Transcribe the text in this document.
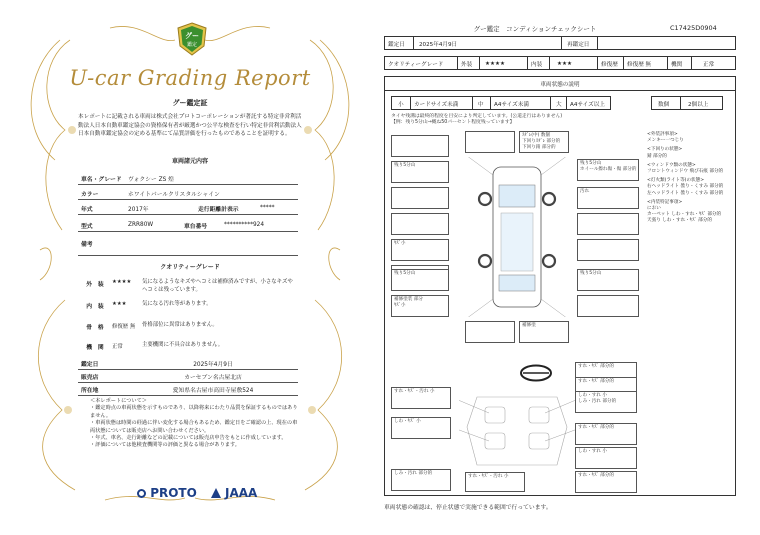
グー
鑑定
U-car Grading Report
グー鑑定証
本レポートに記載される車両は株式会社プロトコーポレーションが著託する特定非営利活動法人日本自動車鑑定協会の資格保有者が厳選かつ公平な検査を行い特定非営利活動法人日本自動車鑑定協会の定める基準にて品質評価を行ったものであることを証明する。
車両諸元内容
車名・グレード	ヴォクシー ZS 煌
カラー	ホワイトパールクリスタルシャイン
年式	2017年	走行距離計表示	*****
型式	ZRR80W	車台番号	**********924
備考
クオリティーグレード
外　装	★★★★	気になるようなキズやヘコミは補修済みですが、小さなキズやヘコミは残っています。
内　装	★★★	気になる汚れ等があります。
骨　格	修復歴 無	骨格部位に異常はありません。
機　関	正常	主要機関に不具合はありません。
鑑定日	2025年4月9日
販売店	カーセブン名古屋北店
所在地	愛知県名古屋市高田寺屋敷524
＜本レポートについて＞
・鑑定時点の車両状態を示すものであり、以降将来にわたり品質を保証するものではありません。
・車両状態は時間の経過に伴い変化する場合もあるため、鑑定日をご確認の上、現在の車両状態については販売店へお問い合わせください。
・年式、車名、走行距離などの記載については販売店申告をもとに作成しています。
・評価については他検査機関等の評価と異なる場合があります。
PROTO	JAAA
グー鑑定　コンディションチェックシート	C17425D0904
鑑定日	2025年4月9日	再鑑定日
クオリティーグレード	外装 ★★★★	内装	★★★	修復歴 修復歴 無	機関	正常
車両状態の説明
小 カードサイズ未満	中 A4サイズ未満	大 A4サイズ以上	数個	2個以上
タイヤ残溝は最終的程度を目安により判定しています。(公道走行はありません)
【例：残り5分山→概ね50パーセント程度残っています】
残り5分山
ｷｽﾞ小
残り5分山
補修塗装 部分
ｷｽﾞ小
ｽﾀﾞﾚ(中) 数個
下回りｽﾀﾞﾚ 部分的
下回り錆 部分的
残り5分山
ホイール擦れ傷・傷 部分的
汚れ
残り5分山
補修塗
すれ・ｷｽﾞ・汚れ 小
しわ・ｷｽﾞ 小
しみ・汚れ 部分的
すれ・ｷｽﾞ 部分的
すれ・ｷｽﾞ 部分的
しわ・すれ 小
しみ・汚れ 部分的
すれ・ｷｽﾞ 部分的
しわ・すれ 小
すれ・ｷｽﾞ 部分的
すれ・ｷｽﾞ・汚れ 小
<外装評事項>
メンキー一つじり
<下回りの状態>
錆 部分的
<ウィンドウ類の状態>
フロントウィンドウ 飛び石痕 部分的
<灯火類(ライト等)の状態>
右ヘッドライト 曇り・くすみ 部分的
左ヘッドライト 曇り・くすみ 部分的
<内装特記事項>
におい
カーペット しわ・すれ・ｷｽﾞ 部分的
天張り しわ・すれ・ｷｽﾞ 部分的
車両状態の確認は、停止状態で実施できる範囲で行っています。
